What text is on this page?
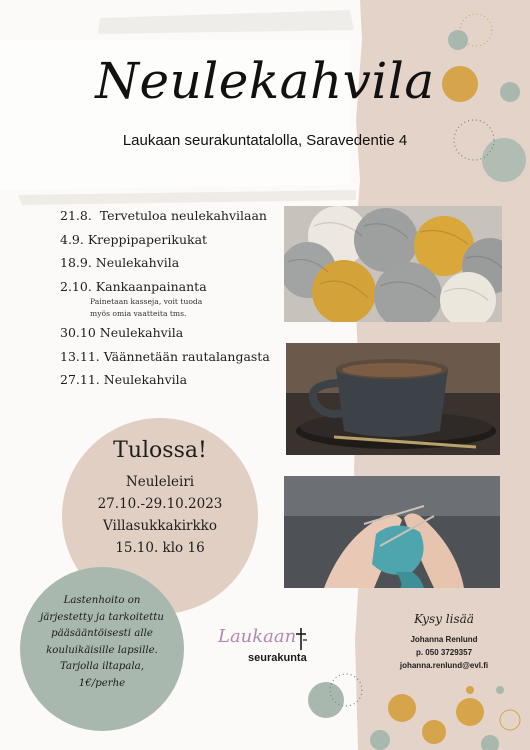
Neulekahvila
Laukaan seurakuntatalolla, Saravedentie 4
21.8. Tervetuloa neulekahvilaan
4.9. Kreppipaperikukat
18.9. Neulekahvila
2.10. Kankaanpainanta
Painetaan kasseja, voit tuoda
myös omia vaatteita tms.
30.10 Neulekahvila
13.11. Väännetään rautalangasta
27.11. Neulekahvila
Tulossa!
Neuleleiri
27.10.-29.10.2023
Villasukkakirkko
15.10. klo 16
Lastenhoito on
järjestetty ja tarkoitettu
pääsääntöisesti alle
kouluikäisille lapsille.
Tarjolla iltapala,
1€/perhe
Laukaan
seurakunta
Kysy lisää
Johanna Renlund
p. 050 3729357
johanna.renlund@evl.fi
